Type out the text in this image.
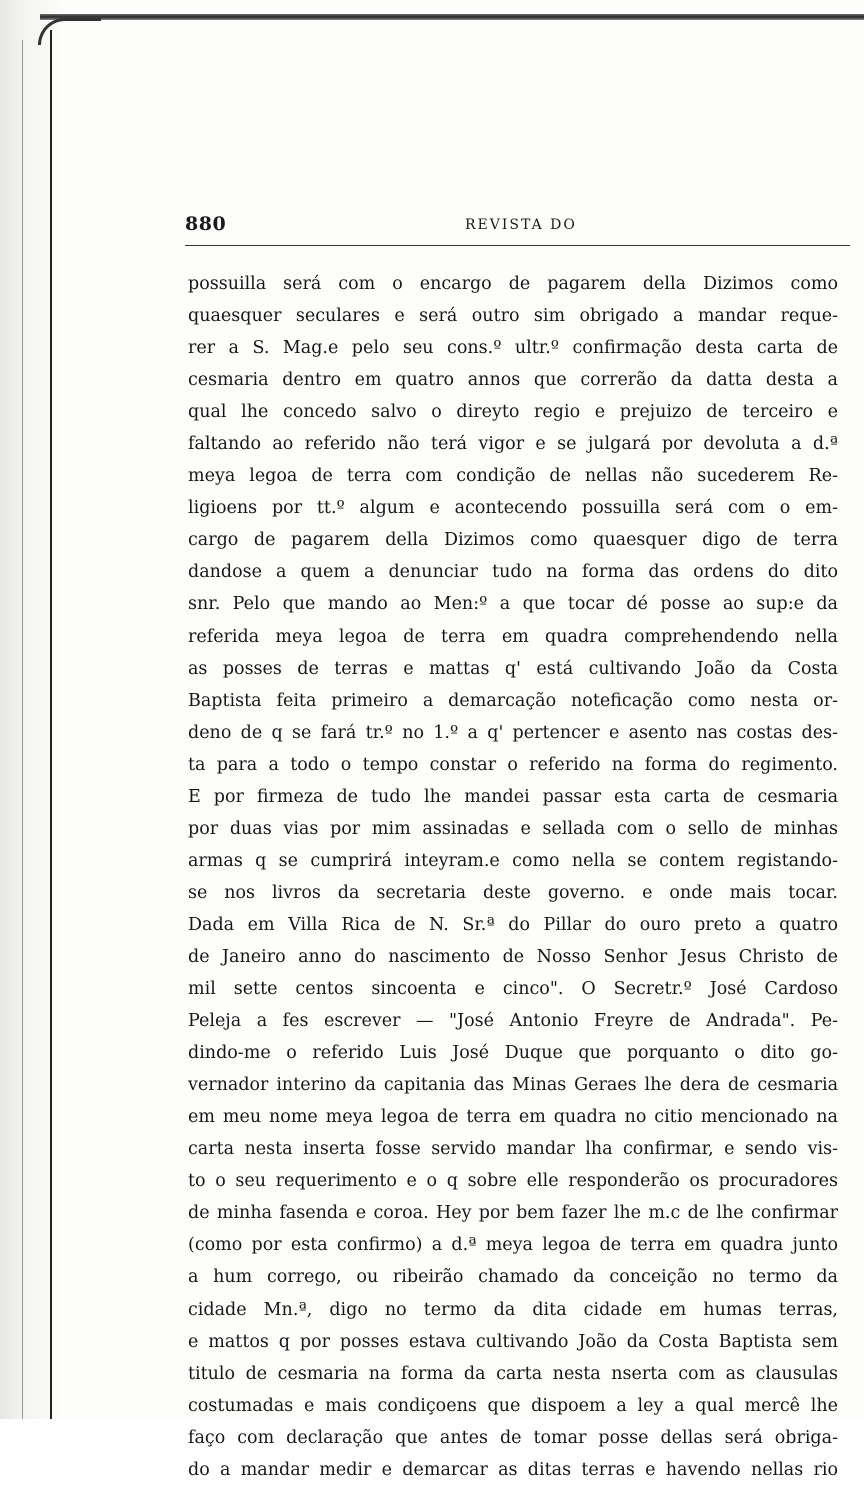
880	REVISTA DO
possuilla será com o encargo de pagarem della Dizimos como
quaesquer seculares e será outro sim obrigado a mandar reque-
rer a S. Mag.e pelo seu cons.º ultr.º confirmação desta carta de
cesmaria dentro em quatro annos que correrão da datta desta a
qual lhe concedo salvo o direyto regio e prejuizo de terceiro e
faltando ao referido não terá vigor e se julgará por devoluta a d.ª
meya legoa de terra com condição de nellas não sucederem Re-
ligioens por tt.º algum e acontecendo possuilla será com o em-
cargo de pagarem della Dizimos como quaesquer digo de terra
dandose a quem a denunciar tudo na forma das ordens do dito
snr. Pelo que mando ao Men:º a que tocar dé posse ao sup:e da
referida meya legoa de terra em quadra comprehendendo nella
as posses de terras e mattas q' está cultivando João da Costa
Baptista feita primeiro a demarcação noteficação como nesta or-
deno de q se fará tr.º no 1.º a q' pertencer e asento nas costas des-
ta para a todo o tempo constar o referido na forma do regimento.
E por firmeza de tudo lhe mandei passar esta carta de cesmaria
por duas vias por mim assinadas e sellada com o sello de minhas
armas q se cumprirá inteyram.e como nella se contem registando-
se nos livros da secretaria deste governo. e onde mais tocar.
Dada em Villa Rica de N. Sr.ª do Pillar do ouro preto a quatro
de Janeiro anno do nascimento de Nosso Senhor Jesus Christo de
mil sette centos sincoenta e cinco". O Secretr.º José Cardoso
Peleja a fes escrever — "José Antonio Freyre de Andrada". Pe-
dindo-me o referido Luis José Duque que porquanto o dito go-
vernador interino da capitania das Minas Geraes lhe dera de cesmaria
em meu nome meya legoa de terra em quadra no citio mencionado na
carta nesta inserta fosse servido mandar lha confirmar, e sendo vis-
to o seu requerimento e o q sobre elle responderão os procuradores
de minha fasenda e coroa. Hey por bem fazer lhe m.c de lhe confirmar
(como por esta confirmo) a d.ª meya legoa de terra em quadra junto
a hum corrego, ou ribeirão chamado da conceição no termo da
cidade Mn.ª, digo no termo da dita cidade em humas terras,
e mattos q por posses estava cultivando João da Costa Baptista sem
titulo de cesmaria na forma da carta nesta nserta com as clausulas
costumadas e mais condiçoens que dispoem a ley a qual mercê lhe
faço com declaração que antes de tomar posse dellas será obriga-
do a mandar medir e demarcar as ditas terras e havendo nellas rio
